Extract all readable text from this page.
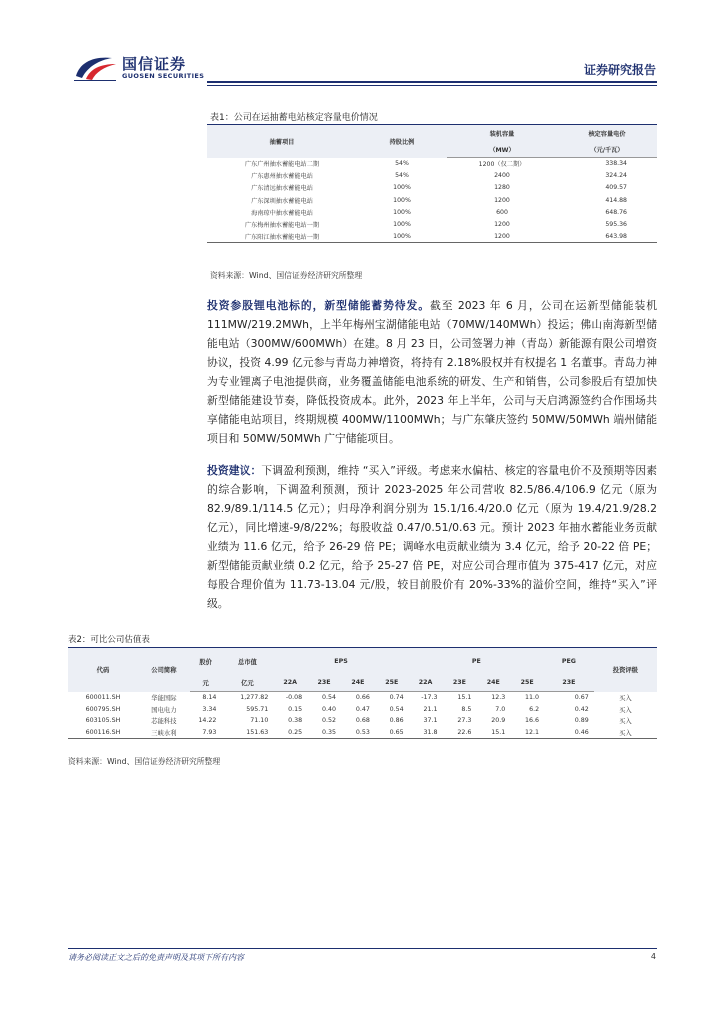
国信证券
GUOSEN SECURITIES	证券研究报告
表1：公司在运抽蓄电站核定容量电价情况
抽蓄项目	持股比例	装机容量	核定容量电价
		（MW）	（元/千瓦）
广东广州抽水蓄能电站二期	54%	1200（仅二期）	338.34
广东惠州抽水蓄能电站	54%	2400	324.24
广东清远抽水蓄能电站	100%	1280	409.57
广东深圳抽水蓄能电站	100%	1200	414.88
海南琼中抽水蓄能电站	100%	600	648.76
广东梅州抽水蓄能电站一期	100%	1200	595.36
广东阳江抽水蓄能电站一期	100%	1200	643.98
资料来源：Wind、国信证券经济研究所整理
投资参股锂电池标的，新型储能蓄势待发。截至 2023 年 6 月，公司在运新型储能装机 111MW/219.2MWh，上半年梅州宝湖储能电站（70MW/140MWh）投运；佛山南海新型储能电站（300MW/600MWh）在建。8 月 23 日，公司签署力神（青岛）新能源有限公司增资协议，投资 4.99 亿元参与青岛力神增资，将持有 2.18%股权并有权提名 1 名董事。青岛力神为专业锂离子电池提供商，业务覆盖储能电池系统的研发、生产和销售，公司参股后有望加快新型储能建设节奏，降低投资成本。此外，2023 年上半年，公司与天启鸿源签约合作围场共享储能电站项目，终期规模 400MW/1100MWh；与广东肇庆签约 50MW/50MWh 端州储能项目和 50MW/50MWh 广宁储能项目。
投资建议：下调盈利预测，维持 “买入”评级。考虑来水偏枯、核定的容量电价不及预期等因素的综合影响，下调盈利预测，预计 2023-2025 年公司营收 82.5/86.4/106.9 亿元（原为 82.9/89.1/114.5 亿元）；归母净利润分别为 15.1/16.4/20.0 亿元（原为 19.4/21.9/28.2 亿元），同比增速-9/8/22%；每股收益 0.47/0.51/0.63 元。预计 2023 年抽水蓄能业务贡献业绩为 11.6 亿元，给予 26-29 倍 PE；调峰水电贡献业绩为 3.4 亿元，给予 20-22 倍 PE；新型储能贡献业绩 0.2 亿元，给予 25-27 倍 PE，对应公司合理市值为 375-417 亿元，对应每股合理价值为 11.73-13.04 元/股，较目前股价有 20%-33%的溢价空间，维持“买入”评级。
表2：可比公司估值表
代码	公司简称	股价	总市值	EPS				PE				PEG	投资评级
		元	亿元	22A	23E	24E	25E	22A	23E	24E	25E	23E	
600011.SH	华能国际	8.14	1,277.82	-0.08	0.54	0.66	0.74	-17.3	15.1	12.3	11.0	0.67	买入
600795.SH	国电电力	3.34	595.71	0.15	0.40	0.47	0.54	21.1	8.5	7.0	6.2	0.42	买入
603105.SH	芯能科技	14.22	71.10	0.38	0.52	0.68	0.86	37.1	27.3	20.9	16.6	0.89	买入
600116.SH	三峡水利	7.93	151.63	0.25	0.35	0.53	0.65	31.8	22.6	15.1	12.1	0.46	买入
资料来源：Wind、国信证券经济研究所整理
请务必阅读正文之后的免责声明及其项下所有内容	4
